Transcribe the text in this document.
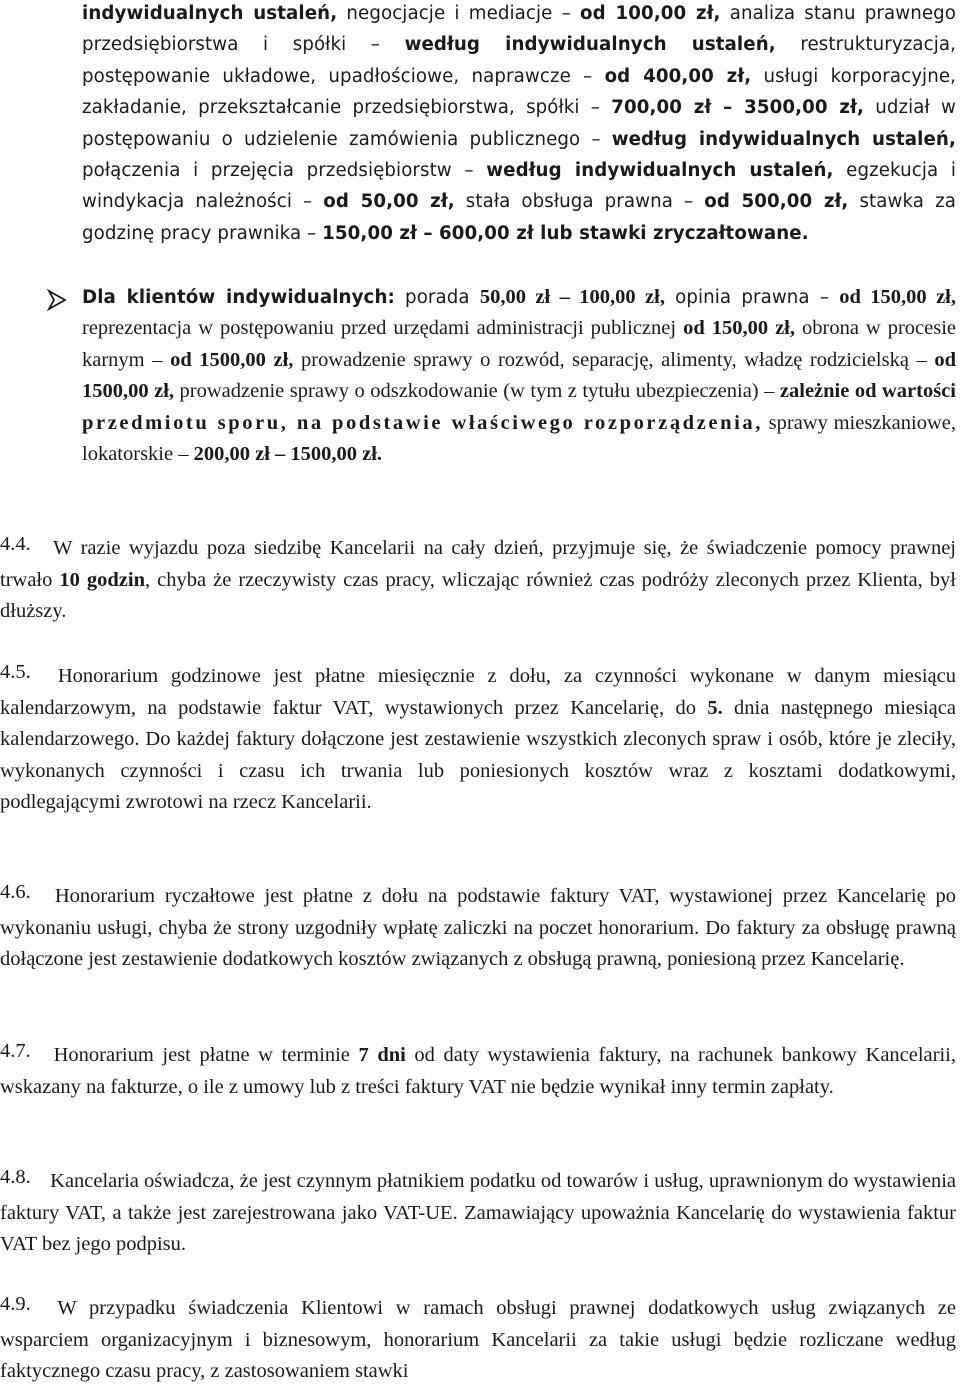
indywidualnych ustaleń, negocjacje i mediacje – od 100,00 zł, analiza stanu prawnego przedsiębiorstwa i spółki – według indywidualnych ustaleń, restrukturyzacja, postępowanie układowe, upadłościowe, naprawcze – od 400,00 zł, usługi korporacyjne, zakładanie, przekształcanie przedsiębiorstwa, spółki – 700,00 zł – 3500,00 zł, udział w postępowaniu o udzielenie zamówienia publicznego – według indywidualnych ustaleń, połączenia i przejęcia przedsiębiorstw – według indywidualnych ustaleń, egzekucja i windykacja należności – od 50,00 zł, stała obsługa prawna – od 500,00 zł, stawka za godzinę pracy prawnika – 150,00 zł – 600,00 zł lub stawki zryczałtowane.

Dla klientów indywidualnych: porada 50,00 zł – 100,00 zł, opinia prawna – od 150,00 zł, reprezentacja w postępowaniu przed urzędami administracji publicznej od 150,00 zł, obrona w procesie karnym – od 1500,00 zł, prowadzenie sprawy o rozwód, separację, alimenty, władzę rodzicielską – od 1500,00 zł, prowadzenie sprawy o odszkodowanie (w tym z tytułu ubezpieczenia) – zależnie od wartości przedmiotu sporu, na podstawie właściwego rozporządzenia, sprawy mieszkaniowe, lokatorskie – 200,00 zł – 1500,00 zł.

4.4. W razie wyjazdu poza siedzibę Kancelarii na cały dzień, przyjmuje się, że świadczenie pomocy prawnej trwało 10 godzin, chyba że rzeczywisty czas pracy, wliczając również czas podróży zleconych przez Klienta, był dłuższy.

4.5. Honorarium godzinowe jest płatne miesięcznie z dołu, za czynności wykonane w danym miesiącu kalendarzowym, na podstawie faktur VAT, wystawionych przez Kancelarię, do 5. dnia następnego miesiąca kalendarzowego. Do każdej faktury dołączone jest zestawienie wszystkich zleconych spraw i osób, które je zleciły, wykonanych czynności i czasu ich trwania lub poniesionych kosztów wraz z kosztami dodatkowymi, podlegającymi zwrotowi na rzecz Kancelarii.

4.6. Honorarium ryczałtowe jest płatne z dołu na podstawie faktury VAT, wystawionej przez Kancelarię po wykonaniu usługi, chyba że strony uzgodniły wpłatę zaliczki na poczet honorarium. Do faktury za obsługę prawną dołączone jest zestawienie dodatkowych kosztów związanych z obsługą prawną, poniesioną przez Kancelarię.

4.7. Honorarium jest płatne w terminie 7 dni od daty wystawienia faktury, na rachunek bankowy Kancelarii, wskazany na fakturze, o ile z umowy lub z treści faktury VAT nie będzie wynikał inny termin zapłaty.

4.8. Kancelaria oświadcza, że jest czynnym płatnikiem podatku od towarów i usług, uprawnionym do wystawienia faktury VAT, a także jest zarejestrowana jako VAT-UE. Zamawiający upoważnia Kancelarię do wystawienia faktur VAT bez jego podpisu.

4.9. W przypadku świadczenia Klientowi w ramach obsługi prawnej dodatkowych usług związanych ze wsparciem organizacyjnym i biznesowym, honorarium Kancelarii za takie usługi będzie rozliczane według faktycznego czasu pracy, z zastosowaniem stawki
